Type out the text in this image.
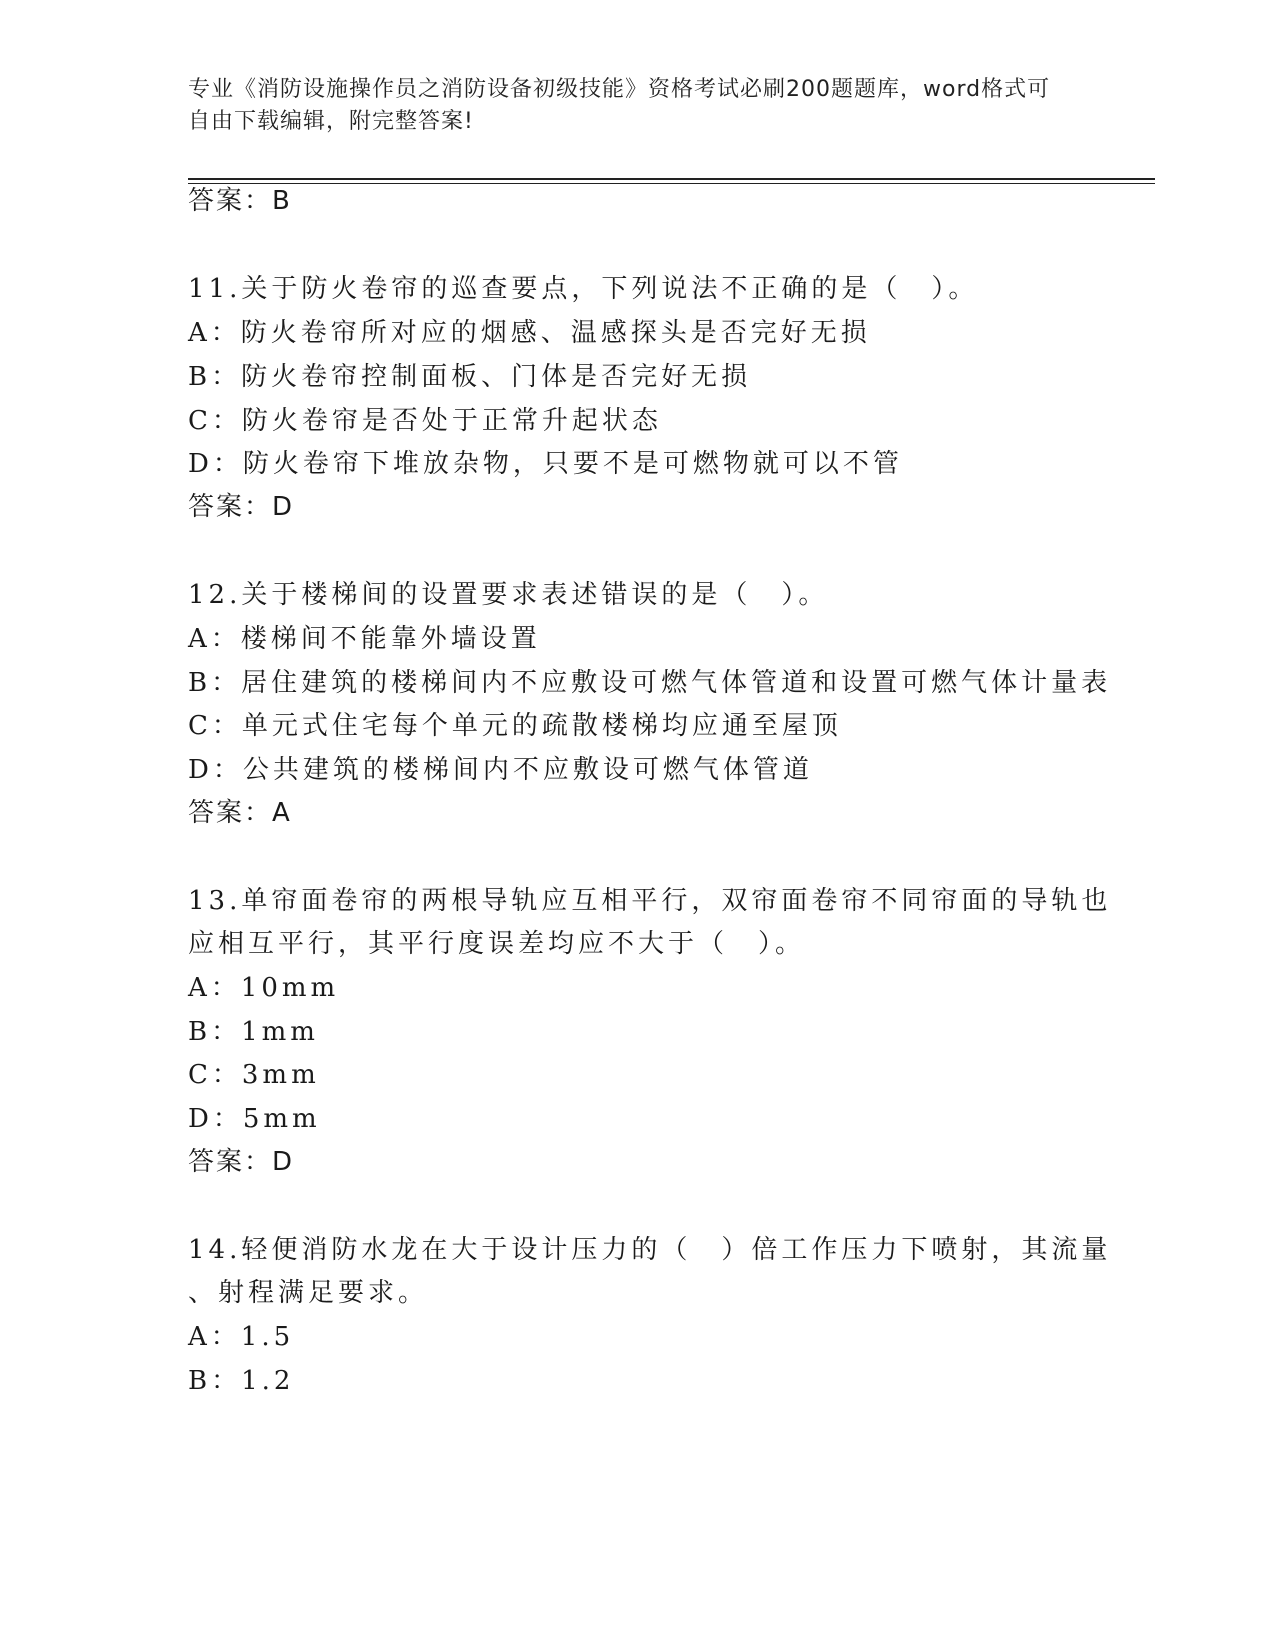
专业《消防设施操作员之消防设备初级技能》资格考试必刷200题题库，word格式可自由下载编辑，附完整答案!
答案：B
11.关于防火卷帘的巡查要点，下列说法不正确的是（　）。
A：防火卷帘所对应的烟感、温感探头是否完好无损
B：防火卷帘控制面板、门体是否完好无损
C：防火卷帘是否处于正常升起状态
D：防火卷帘下堆放杂物，只要不是可燃物就可以不管
答案：D
12.关于楼梯间的设置要求表述错误的是（　）。
A：楼梯间不能靠外墙设置
B：居住建筑的楼梯间内不应敷设可燃气体管道和设置可燃气体计量表
C：单元式住宅每个单元的疏散楼梯均应通至屋顶
D：公共建筑的楼梯间内不应敷设可燃气体管道
答案：A
13.单帘面卷帘的两根导轨应互相平行，双帘面卷帘不同帘面的导轨也
应相互平行，其平行度误差均应不大于（　）。
A：10mm
B：1mm
C：3mm
D：5mm
答案：D
14.轻便消防水龙在大于设计压力的（　）倍工作压力下喷射，其流量
、射程满足要求。
A：1.5
B：1.2
